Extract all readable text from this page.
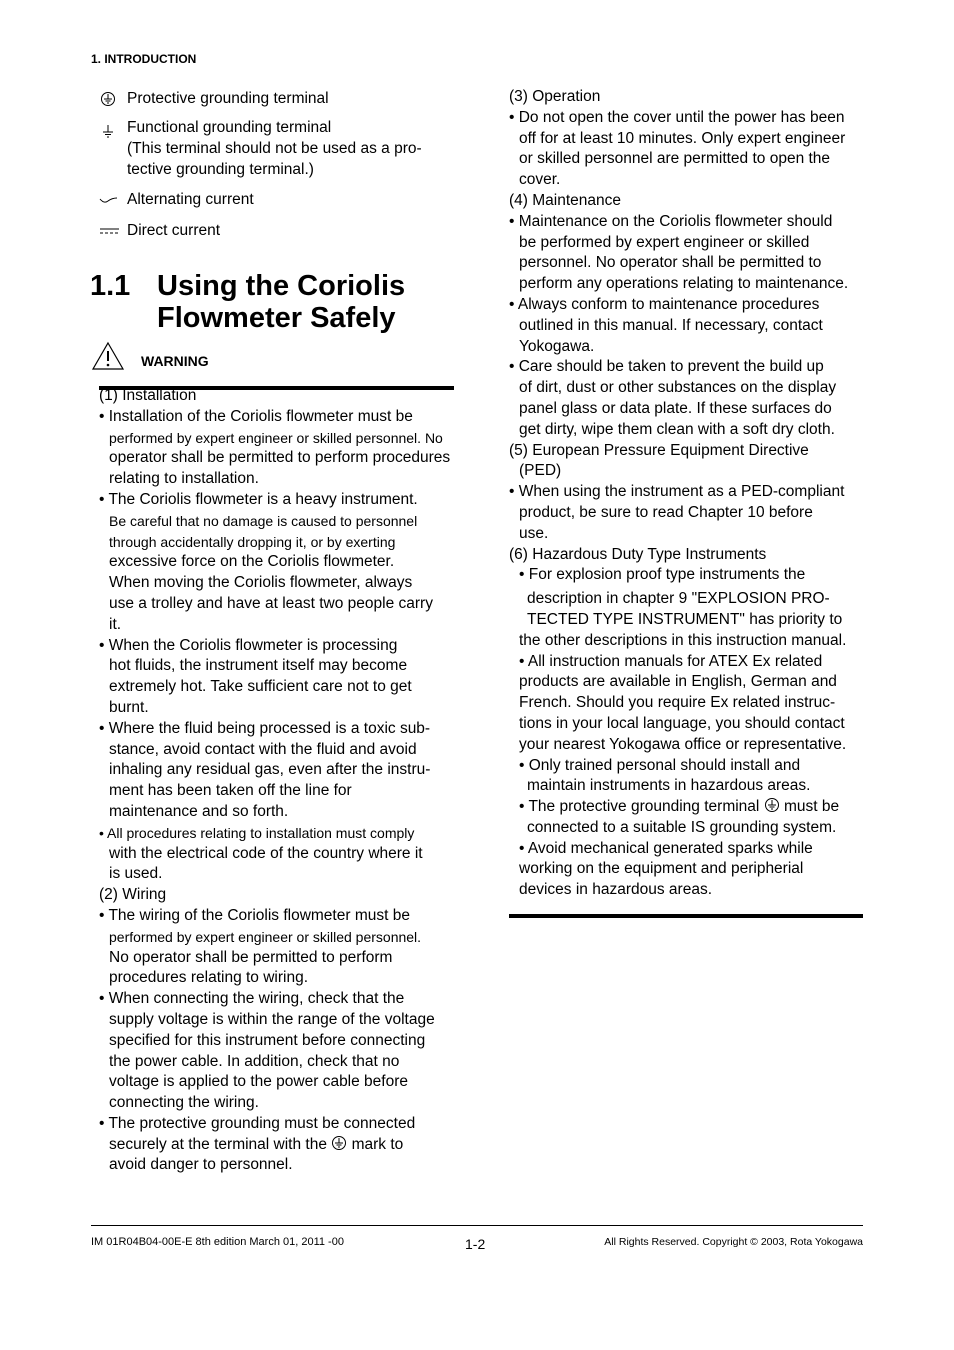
1. INTRODUCTION
Protective grounding terminal
Functional grounding terminal
(This terminal should not be used as a pro-
tective grounding terminal.)
Alternating current
Direct current
1.1 Using the Coriolis
Flowmeter Safely
WARNING

(1) Installation

• Installation of the Coriolis flowmeter must be

performed by expert engineer or skilled personnel. No

operator shall be permitted to perform procedures

relating to installation.

• The Coriolis flowmeter is a heavy instrument.

Be careful that no damage is caused to personnel

through accidentally dropping it, or by exerting

excessive force on the Coriolis flowmeter.

When moving the Coriolis flowmeter, always

use a trolley and have at least two people carry

it.

• When the Coriolis flowmeter is processing

hot fluids, the instrument itself may become

extremely hot. Take sufficient care not to get

burnt.

• Where the fluid being processed is a toxic sub-

stance, avoid contact with the fluid and avoid

inhaling any residual gas, even after the instru-

ment has been taken off the line for

maintenance and so forth.

• All procedures relating to installation must comply

with the electrical code of the country where it

is used.

(2) Wiring

• The wiring of the Coriolis flowmeter must be

performed by expert engineer or skilled personnel.

No operator shall be permitted to perform

procedures relating to wiring.

• When connecting the wiring, check that the

supply voltage is within the range of the voltage

specified for this instrument before connecting

the power cable. In addition, check that no

voltage is applied to the power cable before

connecting the wiring.

• The protective grounding must be connected

securely at the terminal with the  mark to

avoid danger to personnel.

(3) Operation

• Do not open the cover until the power has been

off for at least 10 minutes. Only expert engineer

or skilled personnel are permitted to open the

cover.

(4) Maintenance

• Maintenance on the Coriolis flowmeter should

be performed by expert engineer or skilled

personnel. No operator shall be permitted to

perform any operations relating to maintenance.

• Always conform to maintenance procedures

outlined in this manual. If necessary, contact

Yokogawa.

• Care should be taken to prevent the build up

of dirt, dust or other substances on the display

panel glass or data plate. If these surfaces do

get dirty, wipe them clean with a soft dry cloth.

(5) European Pressure Equipment Directive

(PED)

• When using the instrument as a PED-compliant

product, be sure to read Chapter 10 before

use.

(6) Hazardous Duty Type Instruments

• For explosion proof type instruments the

description in chapter 9 "EXPLOSION PRO-

TECTED TYPE INSTRUMENT" has priority to

the other descriptions in this instruction manual.

• All instruction manuals for ATEX Ex related

products are available in English, German and

French. Should you require Ex related instruc-

tions in your local language, you should contact

your nearest Yokogawa office or representative.

• Only trained personal should install and

maintain instruments in hazardous areas.

• The protective grounding terminal  must be

connected to a suitable IS grounding system.

• Avoid mechanical generated sparks while

working on the equipment and peripherial

devices in hazardous areas.

IM 01R04B04-00E-E 8th edition March 01, 2011 -00	1-2	All Rights Reserved. Copyright © 2003, Rota Yokogawa
